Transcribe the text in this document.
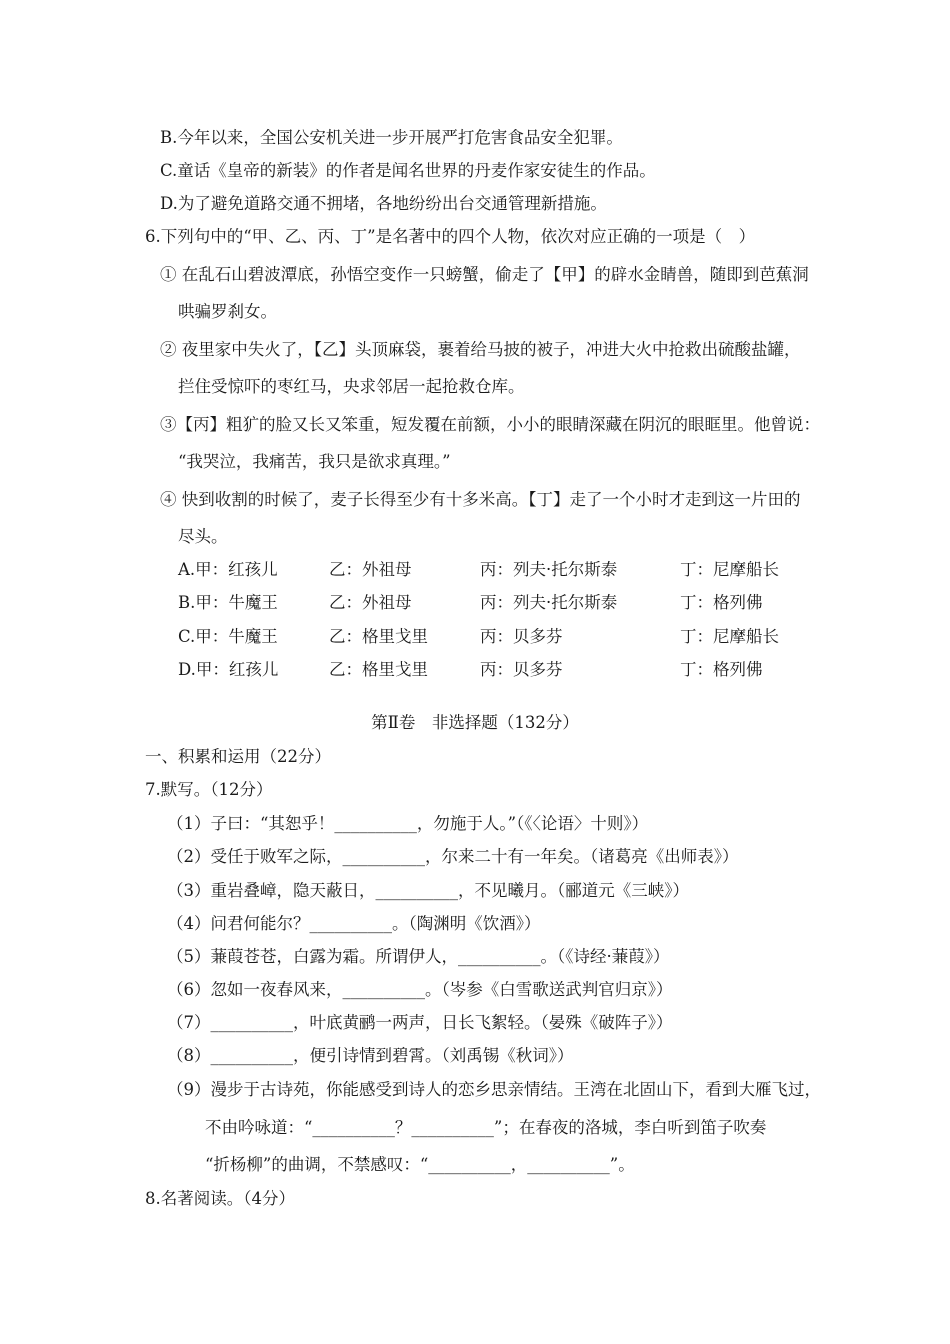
B.今年以来，全国公安机关进一步开展严打危害食品安全犯罪。
C.童话《皇帝的新装》的作者是闻名世界的丹麦作家安徒生的作品。
D.为了避免道路交通不拥堵，各地纷纷出台交通管理新措施。
6.下列句中的“甲、乙、丙、丁”是名著中的四个人物，依次对应正确的一项是（　）
① 在乱石山碧波潭底，孙悟空变作一只螃蟹，偷走了【甲】的辟水金睛兽，随即到芭蕉洞
哄骗罗刹女。
② 夜里家中失火了，【乙】头顶麻袋，裹着给马披的被子，冲进大火中抢救出硫酸盐罐，
拦住受惊吓的枣红马，央求邻居一起抢救仓库。
③【丙】粗犷的脸又长又笨重，短发覆在前额，小小的眼睛深藏在阴沉的眼眶里。他曾说：
“我哭泣，我痛苦，我只是欲求真理。”
④ 快到收割的时候了，麦子长得至少有十多米高。【丁】走了一个小时才走到这一片田的
尽头。
A.甲：红孩儿	乙：外祖母	丙：列夫·托尔斯泰	丁：尼摩船长
B.甲：牛魔王	乙：外祖母	丙：列夫·托尔斯泰	丁：格列佛
C.甲：牛魔王	乙：格里戈里	丙：贝多芬	丁：尼摩船长
D.甲：红孩儿	乙：格里戈里	丙：贝多芬	丁：格列佛
第Ⅱ卷　非选择题（132分）
一、积累和运用（22分）
7.默写。（12分）
（1）子曰：“其恕乎！__________，勿施于人。”（《〈论语〉十则》）
（2）受任于败军之际，__________，尔来二十有一年矣。（诸葛亮《出师表》）
（3）重岩叠嶂，隐天蔽日，__________，不见曦月。（郦道元《三峡》）
（4）问君何能尔？__________。（陶渊明《饮酒》）
（5）蒹葭苍苍，白露为霜。所谓伊人，__________。（《诗经·蒹葭》）
（6）忽如一夜春风来，__________。（岑参《白雪歌送武判官归京》）
（7）__________，叶底黄鹂一两声，日长飞絮轻。（晏殊《破阵子》）
（8）__________，便引诗情到碧霄。（刘禹锡《秋词》）
（9）漫步于古诗苑，你能感受到诗人的恋乡思亲情结。王湾在北固山下，看到大雁飞过，
不由吟咏道：“__________？__________”；在春夜的洛城，李白听到笛子吹奏
“折杨柳”的曲调，不禁感叹：“__________，__________”。
8.名著阅读。（4分）
